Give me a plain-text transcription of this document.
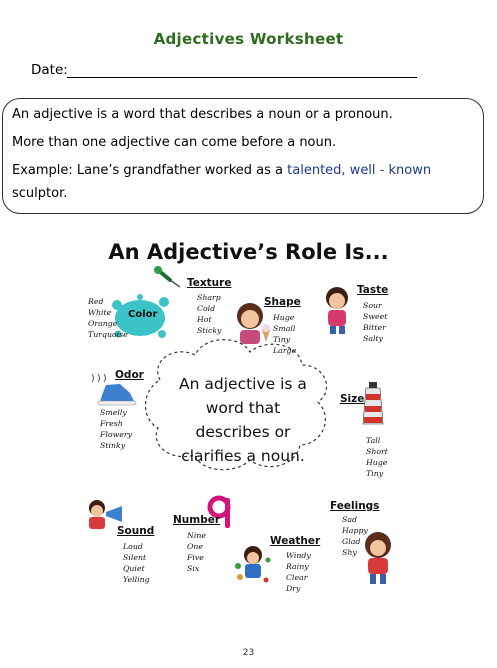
Adjectives Worksheet
Date:
An adjective is a word that describes a noun or a pronoun.
More than one adjective can come before a noun.
Example: Lane’s grandfather worked as a talented, well - known
sculptor.
An Adjective’s Role Is...
Color
Red
White
Orange
Turquoise
Texture
Sharp
Cold
Hot
Sticky
Shape
Huge
Small
Tiny
Large
Taste
Sour
Sweet
Bitter
Salty
Odor
Smelly
Fresh
Flowery
Stinky
An adjective is a
word that
describes or
clarifies a noun.
Size
Tall
Short
Huge
Tiny
Number
Nine
One
Five
Six
Feelings
Sad
Happy
Glad
Shy
Sound
Loud
Silent
Quiet
Yelling
Weather
Windy
Rainy
Clear
Dry
23
